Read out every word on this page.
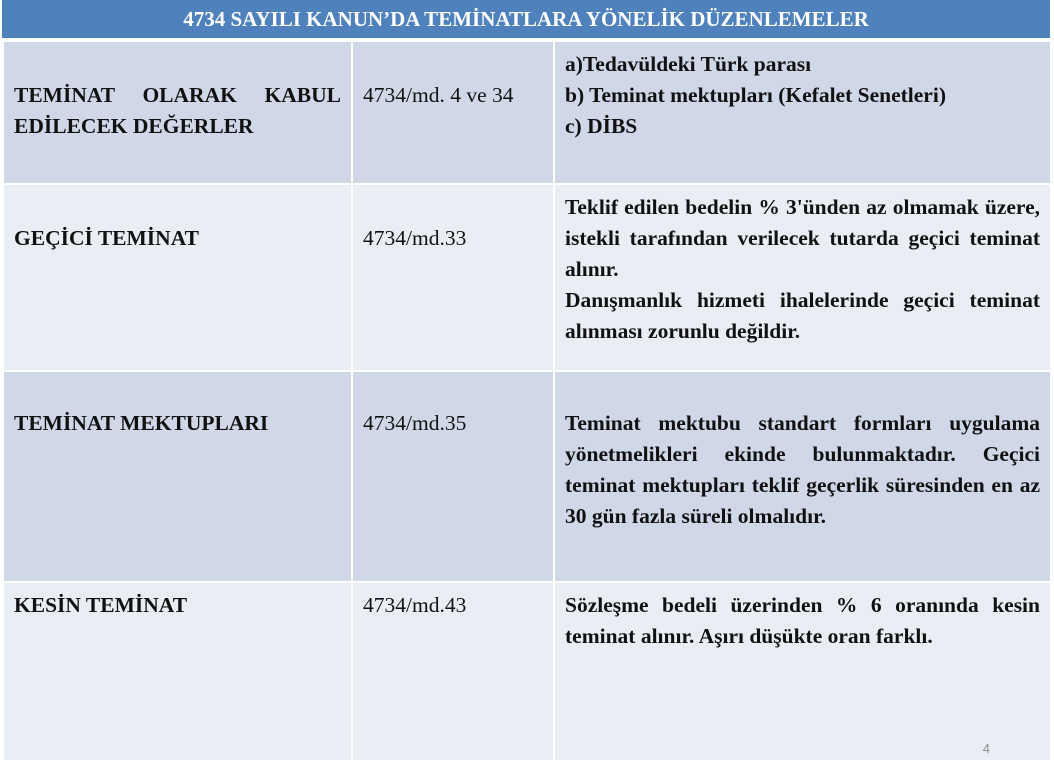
4734 SAYILI KANUN’DA TEMİNATLARA YÖNELİK DÜZENLEMELER
TEMİNAT OLARAK KABUL EDİLECEK DEĞERLER	4734/md. 4 ve 34	a)Tedavüldeki Türk parası
b) Teminat mektupları (Kefalet Senetleri)
c) DİBS

GEÇİCİ TEMİNAT	4734/md.33	Teklif edilen bedelin % 3'ünden az olmamak üzere, istekli tarafından verilecek tutarda geçici teminat alınır.
Danışmanlık hizmeti ihalelerinde geçici teminat alınması zorunlu değildir.

TEMİNAT MEKTUPLARI	4734/md.35	Teminat mektubu standart formları uygulama yönetmelikleri ekinde bulunmaktadır. Geçici teminat mektupları teklif geçerlik süresinden en az 30 gün fazla süreli olmalıdır.

KESİN TEMİNAT	4734/md.43	Sözleşme bedeli üzerinden % 6 oranında kesin teminat alınır. Aşırı düşükte oran farklı.
4
